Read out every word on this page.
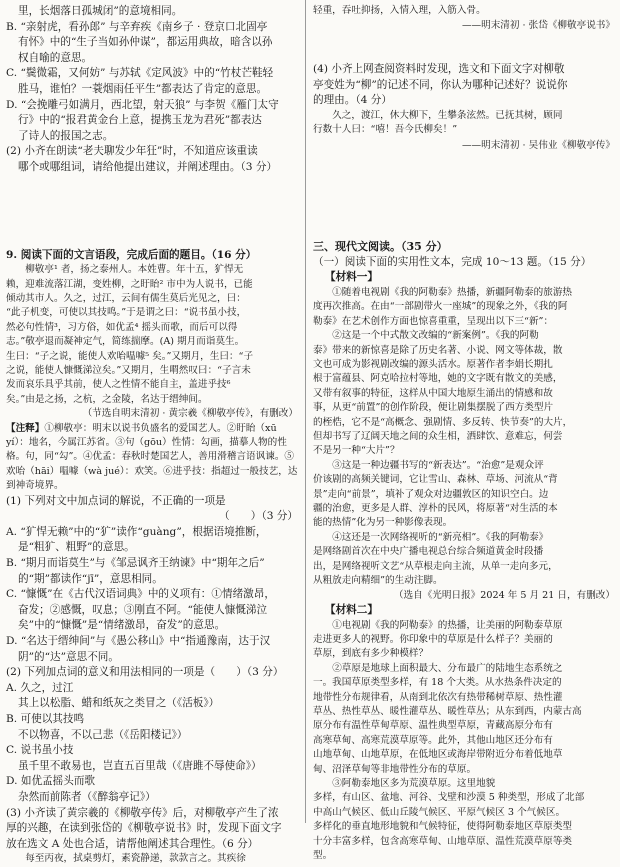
里，长烟落日孤城闭”的意境相同。

B. “亲射虎，看孙郎” 与辛弃疾《南乡子 · 登京口北固亭

有怀》中的“生子当如孙仲谋”，都运用典故，暗含以孙

权自喻的意思。

C. “鬓微霜，又何妨” 与苏轼《定风波》中的“竹杖芒鞋轻

胜马，谁怕？一蓑烟雨任平生”都表达了肯定的意思。

D. “会挽雕弓如满月，西北望，射天狼” 与李贺《雁门太守

行》中的“报君黄金台上意，提携玉龙为君死”都表达

了诗人的报国之志。

(2) 小齐在朗读“老夫聊发少年狂”时，不知道应该重读

哪个或哪组词，请给他提出建议，并阐述理由。（3 分）

9. 阅读下面的文言语段，完成后面的题目。（16 分）

柳敬亭¹ 者，扬之泰州人。本姓曹。年十五，犷悍无

赖，迎难流落江湖，变姓柳，之盱眙² 市中为人说书，已能

倾动其市人。久之，过江，云间有儒生莫后光见之，曰：

“此子机变，可使以其技鸣。”于是谓之曰：“说书虽小技，

然必句性情³，习方俗，如优孟⁴ 摇头而歌，而后可以得

志。”敬亭退而凝神定气，简练揣摩。(A) 期月而诣莫生。

生曰：“子之说，能使人欢咍嗢噱⁵ 矣。”又期月，生曰：“子

之说，能使人慷慨涕泣矣。”又期月，生喟然叹曰：“子言未

发而哀乐具乎其前，使人之性情不能自主，盖进乎技⁶

矣。”由是之扬，之杭，之金陵，名达于缙绅间。

（节选自明末清初 · 黄宗羲《柳敬亭传》，有删改）

【注释】①柳敬亭：明末以说书负盛名的爱国艺人。②盱眙（xū yí）：地名，今属江苏省。③句（gōu）性情：勾画，描摹人物的性格。句，同“勾”。④优孟：春秋时楚国艺人，善用滑稽言语讽谏。⑤欢咍（hāi）嗢噱（wà jué）：欢笑。⑥进乎技：指超过一般技艺，达到神奇境界。

(1) 下列对文中加点词的解说，不正确的一项是

（　　）（3 分）

A. “犷悍无赖”中的“犷”读作“guàng”，根据语境推断，

是“粗犷、粗野”的意思。

B. “期月而诣莫生”与《邹忌讽齐王纳谏》中“期年之后”

的“期”都读作“jī”，意思相同。

C. “慷慨”在《古代汉语词典》中的义项有：①情绪激昂，

奋发；②感慨，叹息；③刚直不阿。“能使人慷慨涕泣

矣”中的“慷慨”是“情绪激昂，奋发”的意思。

D. “名达于缙绅间”与《愚公移山》中“指通豫南，达于汉

阴”的“达”意思不同。

(2) 下列加点词的意义和用法相同的一项是（　　）（3 分）

A. 久之，过江

其上以松脂、蜡和纸灰之类冒之（《活板》）

B. 可使以其技鸣

不以物喜，不以己悲（《岳阳楼记》）

C. 说书虽小技

虽千里不敢易也，岂直五百里哉（《唐雎不辱使命》）

D. 如优孟摇头而歌

杂然而前陈者（《醉翁亭记》）

(3) 小齐读了黄宗羲的《柳敬亭传》后，对柳敬亭产生了浓

厚的兴趣，在读到张岱的《柳敬亭说书》时，发现下面文字

放在选文 A 处也合适，请帮他阐述其合理性。（6 分）

每至丙夜，拭桌剪灯，素瓷静递，款款言之。其疾徐

轻重，吞吐抑扬，入情入理，入筋入骨。

——明末清初 · 张岱《柳敬亭说书》

(4) 小齐上网查阅资料时发现，选文和下面文字对柳敬

亭变姓为“柳”的记述不同，你认为哪种记述好？说说你

的理由。（4 分）

久之，渡江，休大柳下，生攀条泫然。已抚其树，顾同

行数十人曰：“嘻！吾今氏柳矣！”

——明末清初 · 吴伟业《柳敬亭传》

三、现代文阅读。（35 分）

（一）阅读下面的实用性文本，完成 10～13 题。（15 分）

【材料一】

①随着电视剧《我的阿勒泰》热播，新疆阿勒泰的旅游热

度再次推高。在由“一部剧带火一座城”的现象之外，《我的阿

勒泰》在艺术创作方面也惊喜重重，呈现出以下三“新”：

②这是一个中式散文改编的“新案例”。《我的阿勒

泰》带来的新惊喜是除了历史名著、小说、网文等体裁，散

文也可成为影视剧改编的源头活水。原著作者李娟长期扎

根于富蕴县、阿克哈拉村等地，她的文字既有散文的美感，

又带有叙事的特征，这样从中国大地原生涌出的情感和故

事，从更“前置”的创作阶段，便让剧集摆脱了西方类型片

的桎梏，它不是“高概念、强剧情、多反转、快节奏”的大片，

但却书写了辽阔天地之间的众生相，洒肆饮、意难忘，何尝

不是另一种“大片”？

③这是一种边疆书写的“新表达”。“治愈”是观众评

价该剧的高频关键词，它让雪山、森林、草场、河流从“背

景”走向“前景”，填补了观众对边疆敦区的知识空白。边

疆的治愈，更多是人群、淳朴的民风，将原著“对生活的本

能的热情”化为另一种影像表现。

④这还是一次网络视听的“新亮相”。《我的阿勒泰》

是网络剧首次在中央广播电视总台综合频道黄金时段播

出，是网络视听文艺“从草根走向主流，从单一走向多元，

从粗放走向精细”的生动注脚。

（选自《光明日报》2024 年 5 月 21 日，有删改）

【材料二】

①电视剧《我的阿勒泰》的热播，让美丽的阿勒泰草原

走进更多人的视野。你印象中的草原是什么样子？美丽的

草原，到底有多少种模样？

②草原是地球上面积最大、分布最广的陆地生态系统之

一。我国草原类型多样，有 18 个大类。从水热条件决定的

地带性分布规律看，从南到北依次有热带稀树草原、热性灌

草丛、热性草丛、暖性灌草丛、暖性草丛；从东到西，内蒙古高

原分布有温性草甸草原、温性典型草原，青藏高原分布有

高寒草甸、高寒荒漠草原等。此外，其他山地区还分布有

山地草甸、山地草原，在低地区或海岸带附近分布着低地草

甸、沼泽草甸等非地带性分布的草原。

③阿勒泰地区多为荒漠草原。这里地貌

多样，有山区、盆地、河谷、戈壁和沙漠 5 种类型，形成了北部

中高山气候区、低山丘陵气候区、平原气候区 3 个气候区。

多样化的垂直地形地貌和气候特征，使得阿勒泰地区草原类型

十分丰富多样，包含高寒草甸、山地草原、温性荒漠草原等类

型。
